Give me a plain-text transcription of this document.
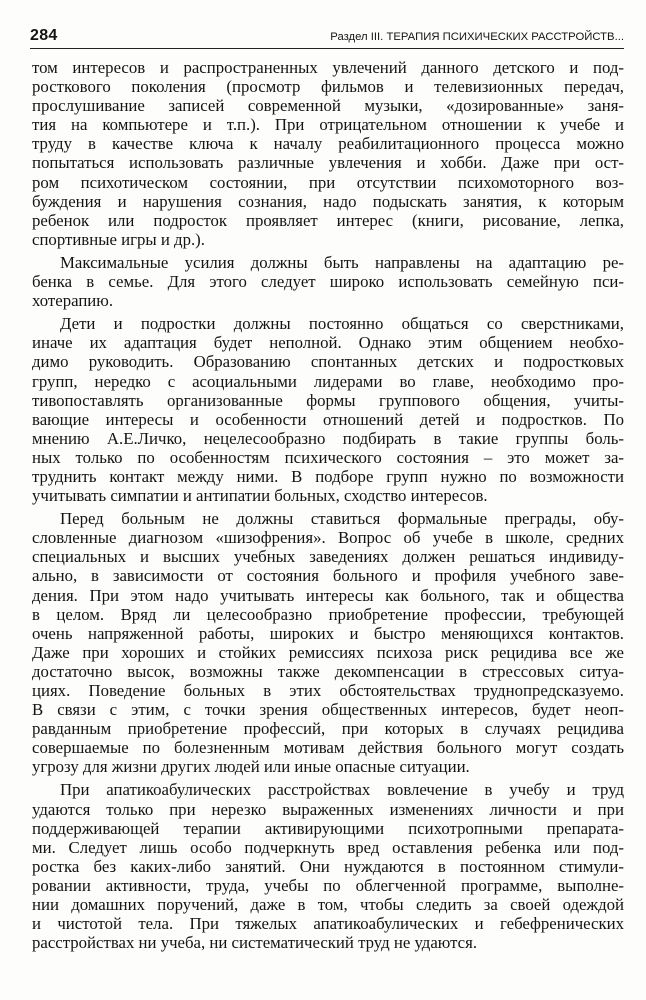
284	Раздел III. ТЕРАПИЯ ПСИХИЧЕСКИХ РАССТРОЙСТВ...
том интересов и распространенных увлечений данного детского и под-
росткового поколения (просмотр фильмов и телевизионных передач,
прослушивание записей современной музыки, «дозированные» заня-
тия на компьютере и т.п.). При отрицательном отношении к учебе и
труду в качестве ключа к началу реабилитационного процесса можно
попытаться использовать различные увлечения и хобби. Даже при ост-
ром психотическом состоянии, при отсутствии психомоторного воз-
буждения и нарушения сознания, надо подыскать занятия, к которым
ребенок или подросток проявляет интерес (книги, рисование, лепка,
спортивные игры и др.).
Максимальные усилия должны быть направлены на адаптацию ре-
бенка в семье. Для этого следует широко использовать семейную пси-
хотерапию.
Дети и подростки должны постоянно общаться со сверстниками,
иначе их адаптация будет неполной. Однако этим общением необхо-
димо руководить. Образованию спонтанных детских и подростковых
групп, нередко с асоциальными лидерами во главе, необходимо про-
тивопоставлять организованные формы группового общения, учиты-
вающие интересы и особенности отношений детей и подростков. По
мнению А.Е.Личко, нецелесообразно подбирать в такие группы боль-
ных только по особенностям психического состояния – это может за-
труднить контакт между ними. В подборе групп нужно по возможности
учитывать симпатии и антипатии больных, сходство интересов.
Перед больным не должны ставиться формальные преграды, обу-
словленные диагнозом «шизофрения». Вопрос об учебе в школе, средних
специальных и высших учебных заведениях должен решаться индивиду-
ально, в зависимости от состояния больного и профиля учебного заве-
дения. При этом надо учитывать интересы как больного, так и общества
в целом. Вряд ли целесообразно приобретение профессии, требующей
очень напряженной работы, широких и быстро меняющихся контактов.
Даже при хороших и стойких ремиссиях психоза риск рецидива все же
достаточно высок, возможны также декомпенсации в стрессовых ситуа-
циях. Поведение больных в этих обстоятельствах труднопредсказуемо.
В связи с этим, с точки зрения общественных интересов, будет неоп-
равданным приобретение профессий, при которых в случаях рецидива
совершаемые по болезненным мотивам действия больного могут создать
угрозу для жизни других людей или иные опасные ситуации.
При апатикоабулических расстройствах вовлечение в учебу и труд
удаются только при нерезко выраженных изменениях личности и при
поддерживающей терапии активирующими психотропными препарата-
ми. Следует лишь особо подчеркнуть вред оставления ребенка или под-
ростка без каких-либо занятий. Они нуждаются в постоянном стимули-
ровании активности, труда, учебы по облегченной программе, выполне-
нии домашних поручений, даже в том, чтобы следить за своей одеждой
и чистотой тела. При тяжелых апатикоабулических и гебефренических
расстройствах ни учеба, ни систематический труд не удаются.
